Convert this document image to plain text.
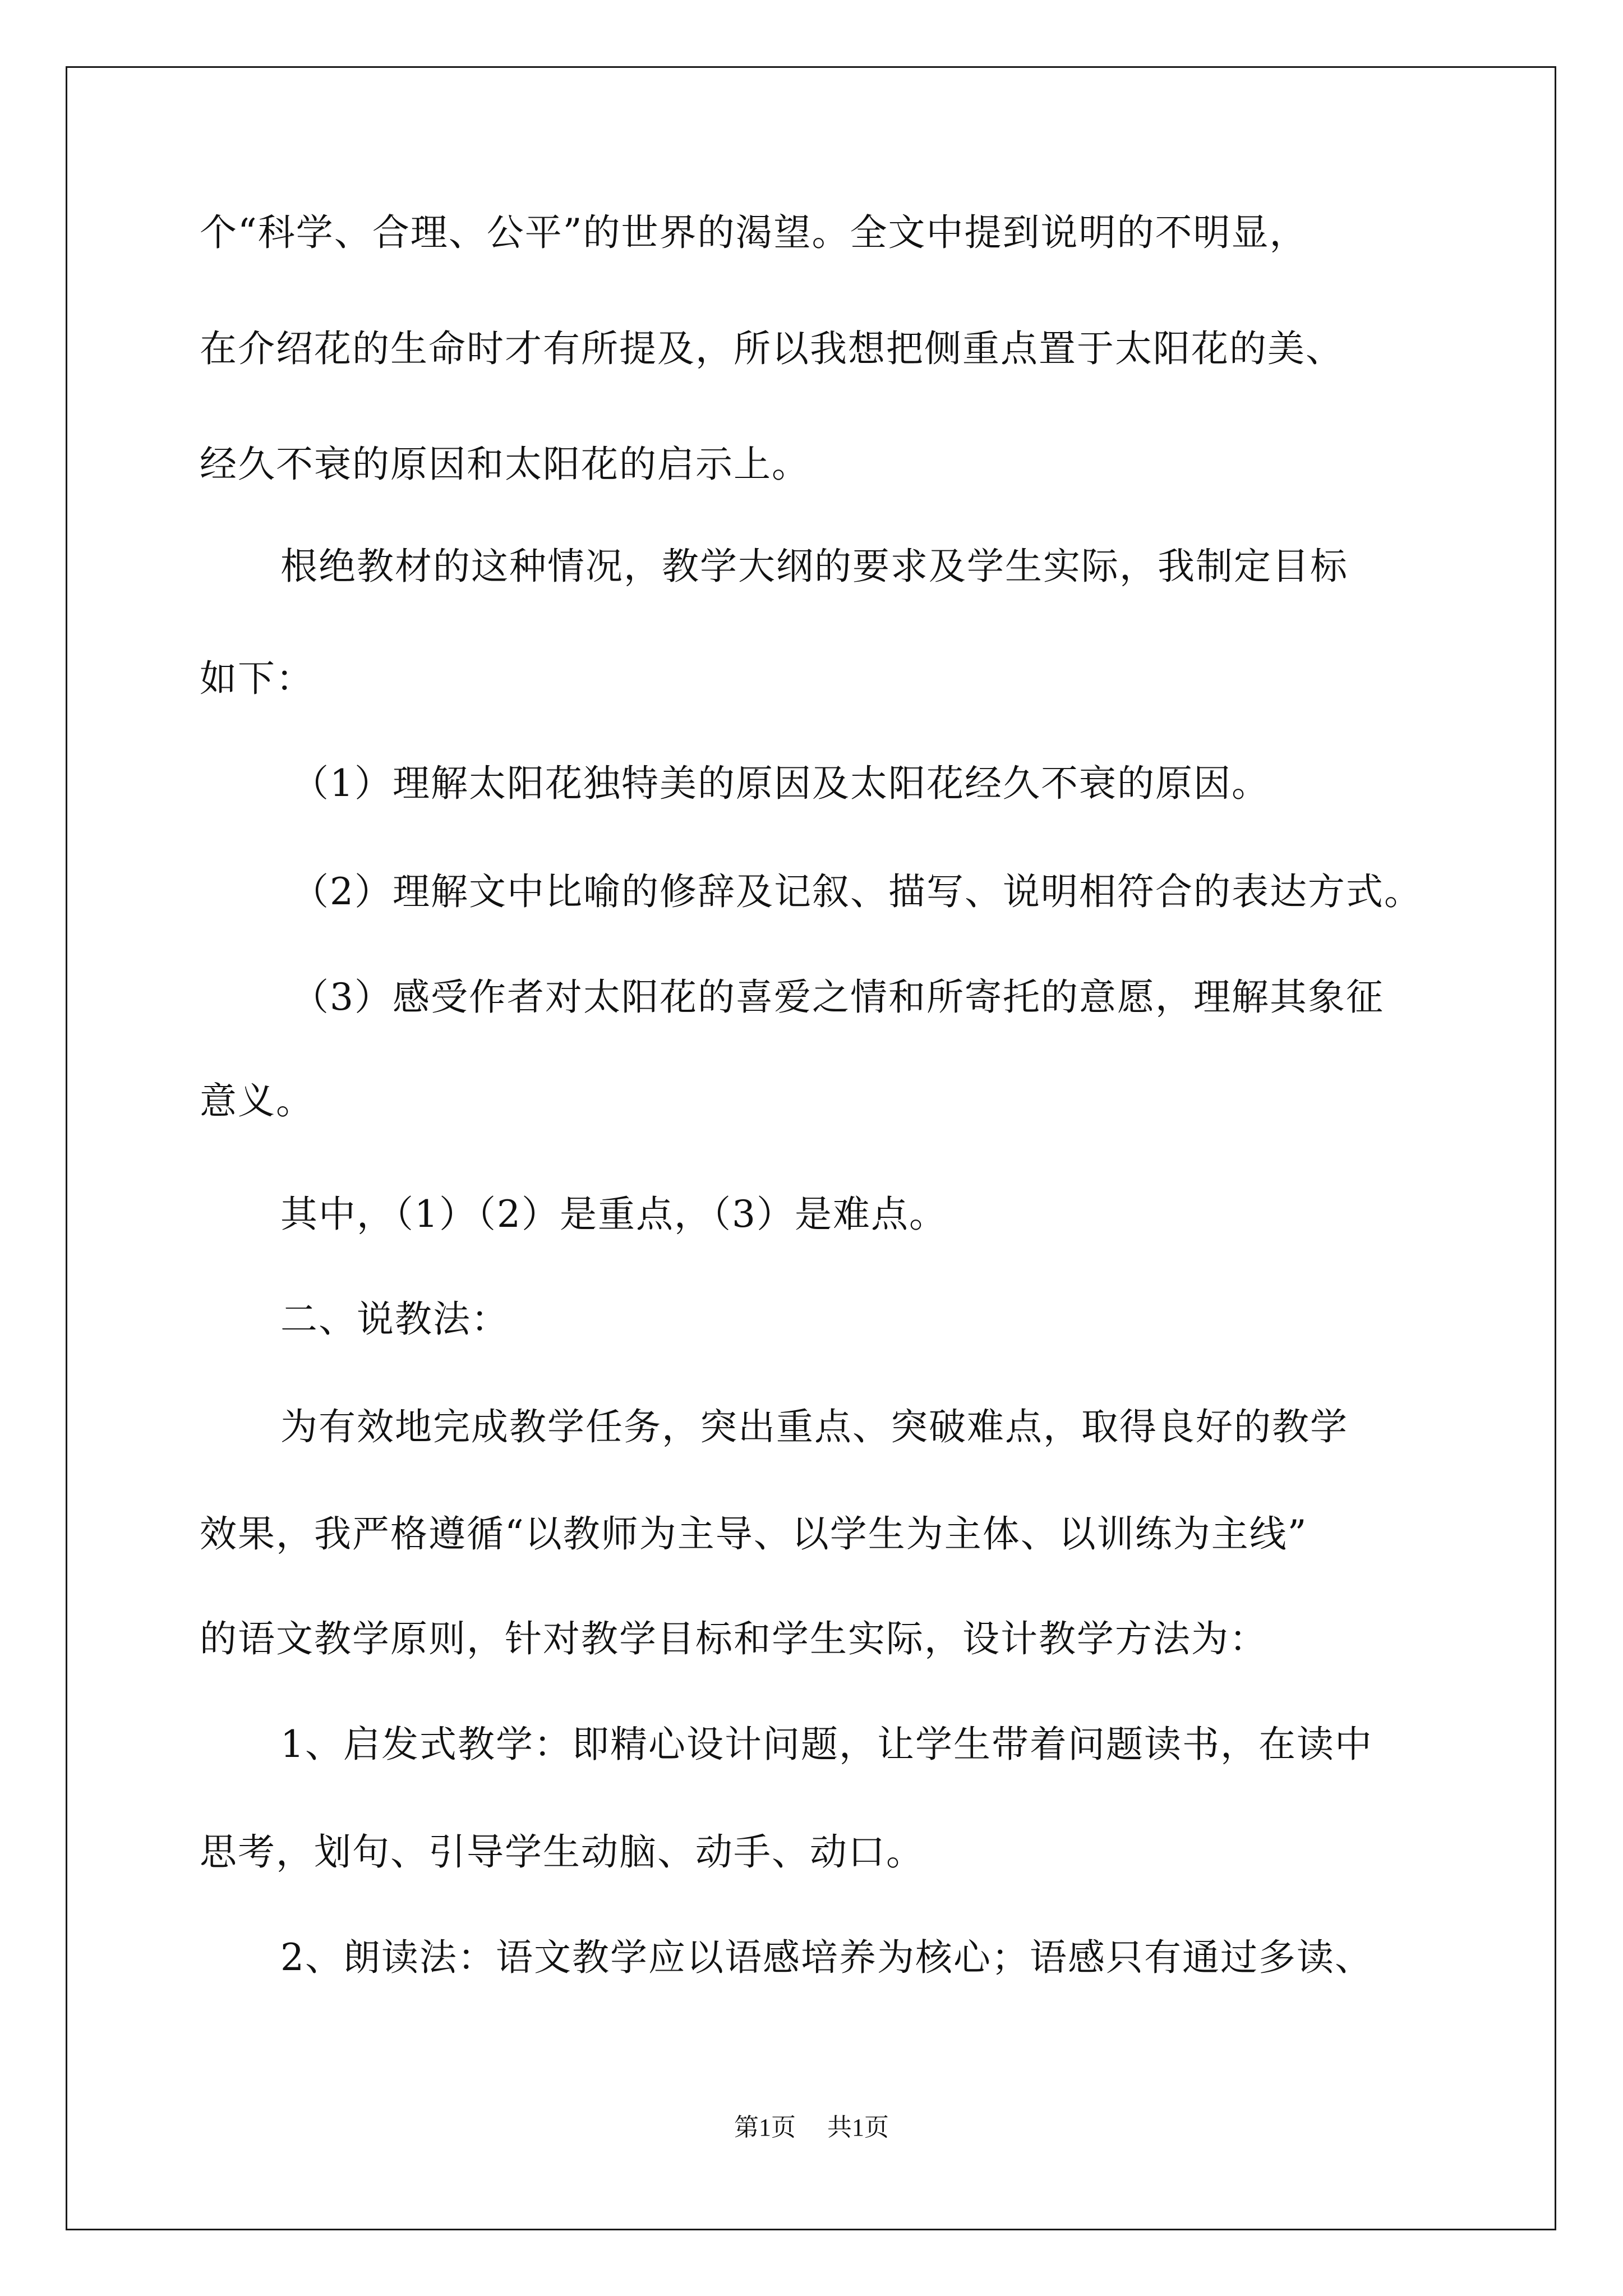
个“科学、合理、公平”的世界的渴望。全文中提到说明的不明显，
在介绍花的生命时才有所提及，所以我想把侧重点置于太阳花的美、
经久不衰的原因和太阳花的启示上。
根绝教材的这种情况，教学大纲的要求及学生实际，我制定目标
如下：
（1）理解太阳花独特美的原因及太阳花经久不衰的原因。
（2）理解文中比喻的修辞及记叙、描写、说明相符合的表达方式。
（3）感受作者对太阳花的喜爱之情和所寄托的意愿，理解其象征
意义。
其中，（1）（2）是重点，（3）是难点。
二、说教法：
为有效地完成教学任务，突出重点、突破难点，取得良好的教学
效果，我严格遵循“以教师为主导、以学生为主体、以训练为主线”
的语文教学原则，针对教学目标和学生实际，设计教学方法为：
1、启发式教学：即精心设计问题，让学生带着问题读书，在读中
思考，划句、引导学生动脑、动手、动口。
2、朗读法：语文教学应以语感培养为核心；语感只有通过多读、
第1页 共1页
